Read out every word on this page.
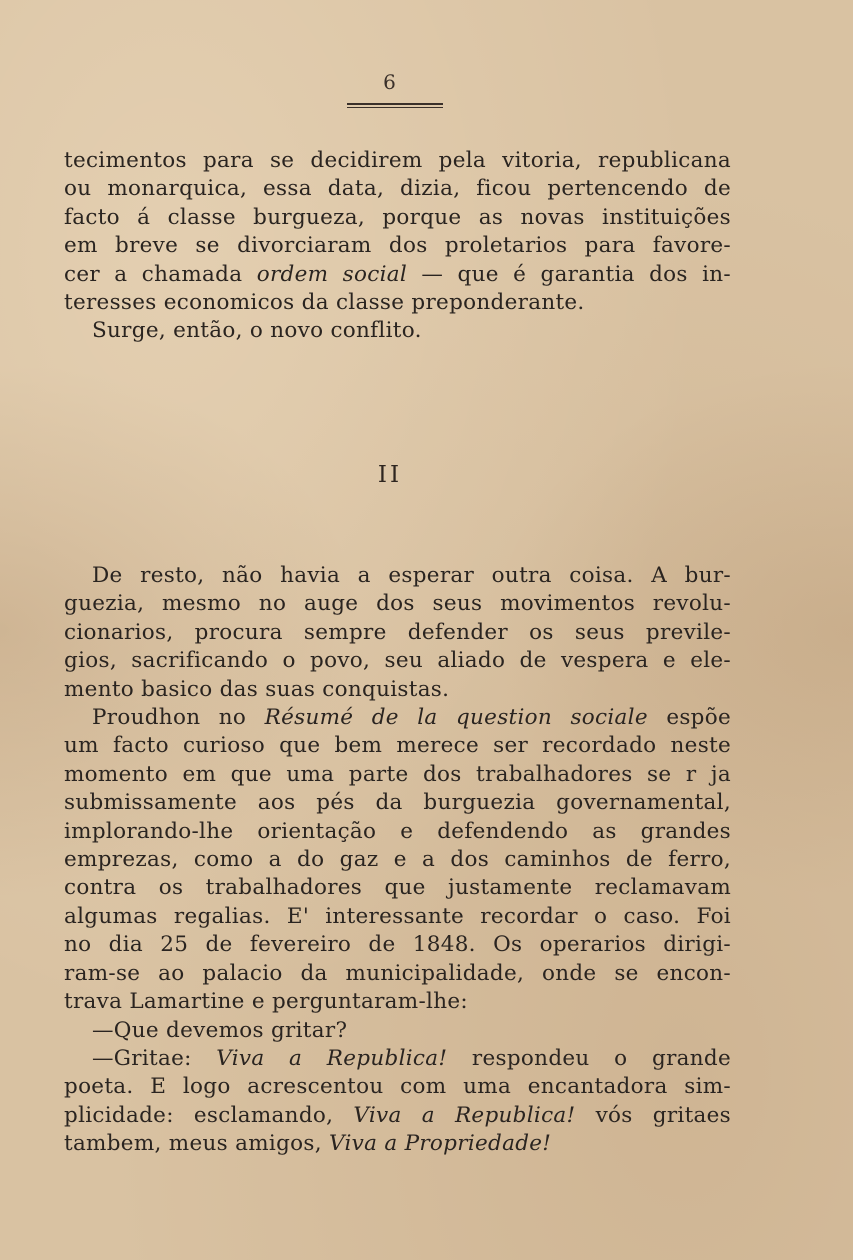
6
tecimentos para se decidirem pela vitoria, republicana
ou monarquica, essa data, dizia, ficou pertencendo de
facto á classe burgueza, porque as novas instituições
em breve se divorciaram dos proletarios para favore-
cer a chamada ordem social — que é garantia dos in-
teresses economicos da classe preponderante.
Surge, então, o novo conflito.
II
De resto, não havia a esperar outra coisa. A bur-
guezia, mesmo no auge dos seus movimentos revolu-
cionarios, procura sempre defender os seus previle-
gios, sacrificando o povo, seu aliado de vespera e ele-
mento basico das suas conquistas.
Proudhon no Résumé de la question sociale espõe
um facto curioso que bem merece ser recordado neste
momento em que uma parte dos trabalhadores se r ja
submissamente aos pés da burguezia governamental,
implorando-lhe orientação e defendendo as grandes
emprezas, como a do gaz e a dos caminhos de ferro,
contra os trabalhadores que justamente reclamavam
algumas regalias. E' interessante recordar o caso. Foi
no dia 25 de fevereiro de 1848. Os operarios dirigi-
ram-se ao palacio da municipalidade, onde se encon-
trava Lamartine e perguntaram-lhe:
—Que devemos gritar?
—Gritae: Viva a Republica! respondeu o grande
poeta. E logo acrescentou com uma encantadora sim-
plicidade: esclamando, Viva a Republica! vós gritaes
tambem, meus amigos, Viva a Propriedade!
